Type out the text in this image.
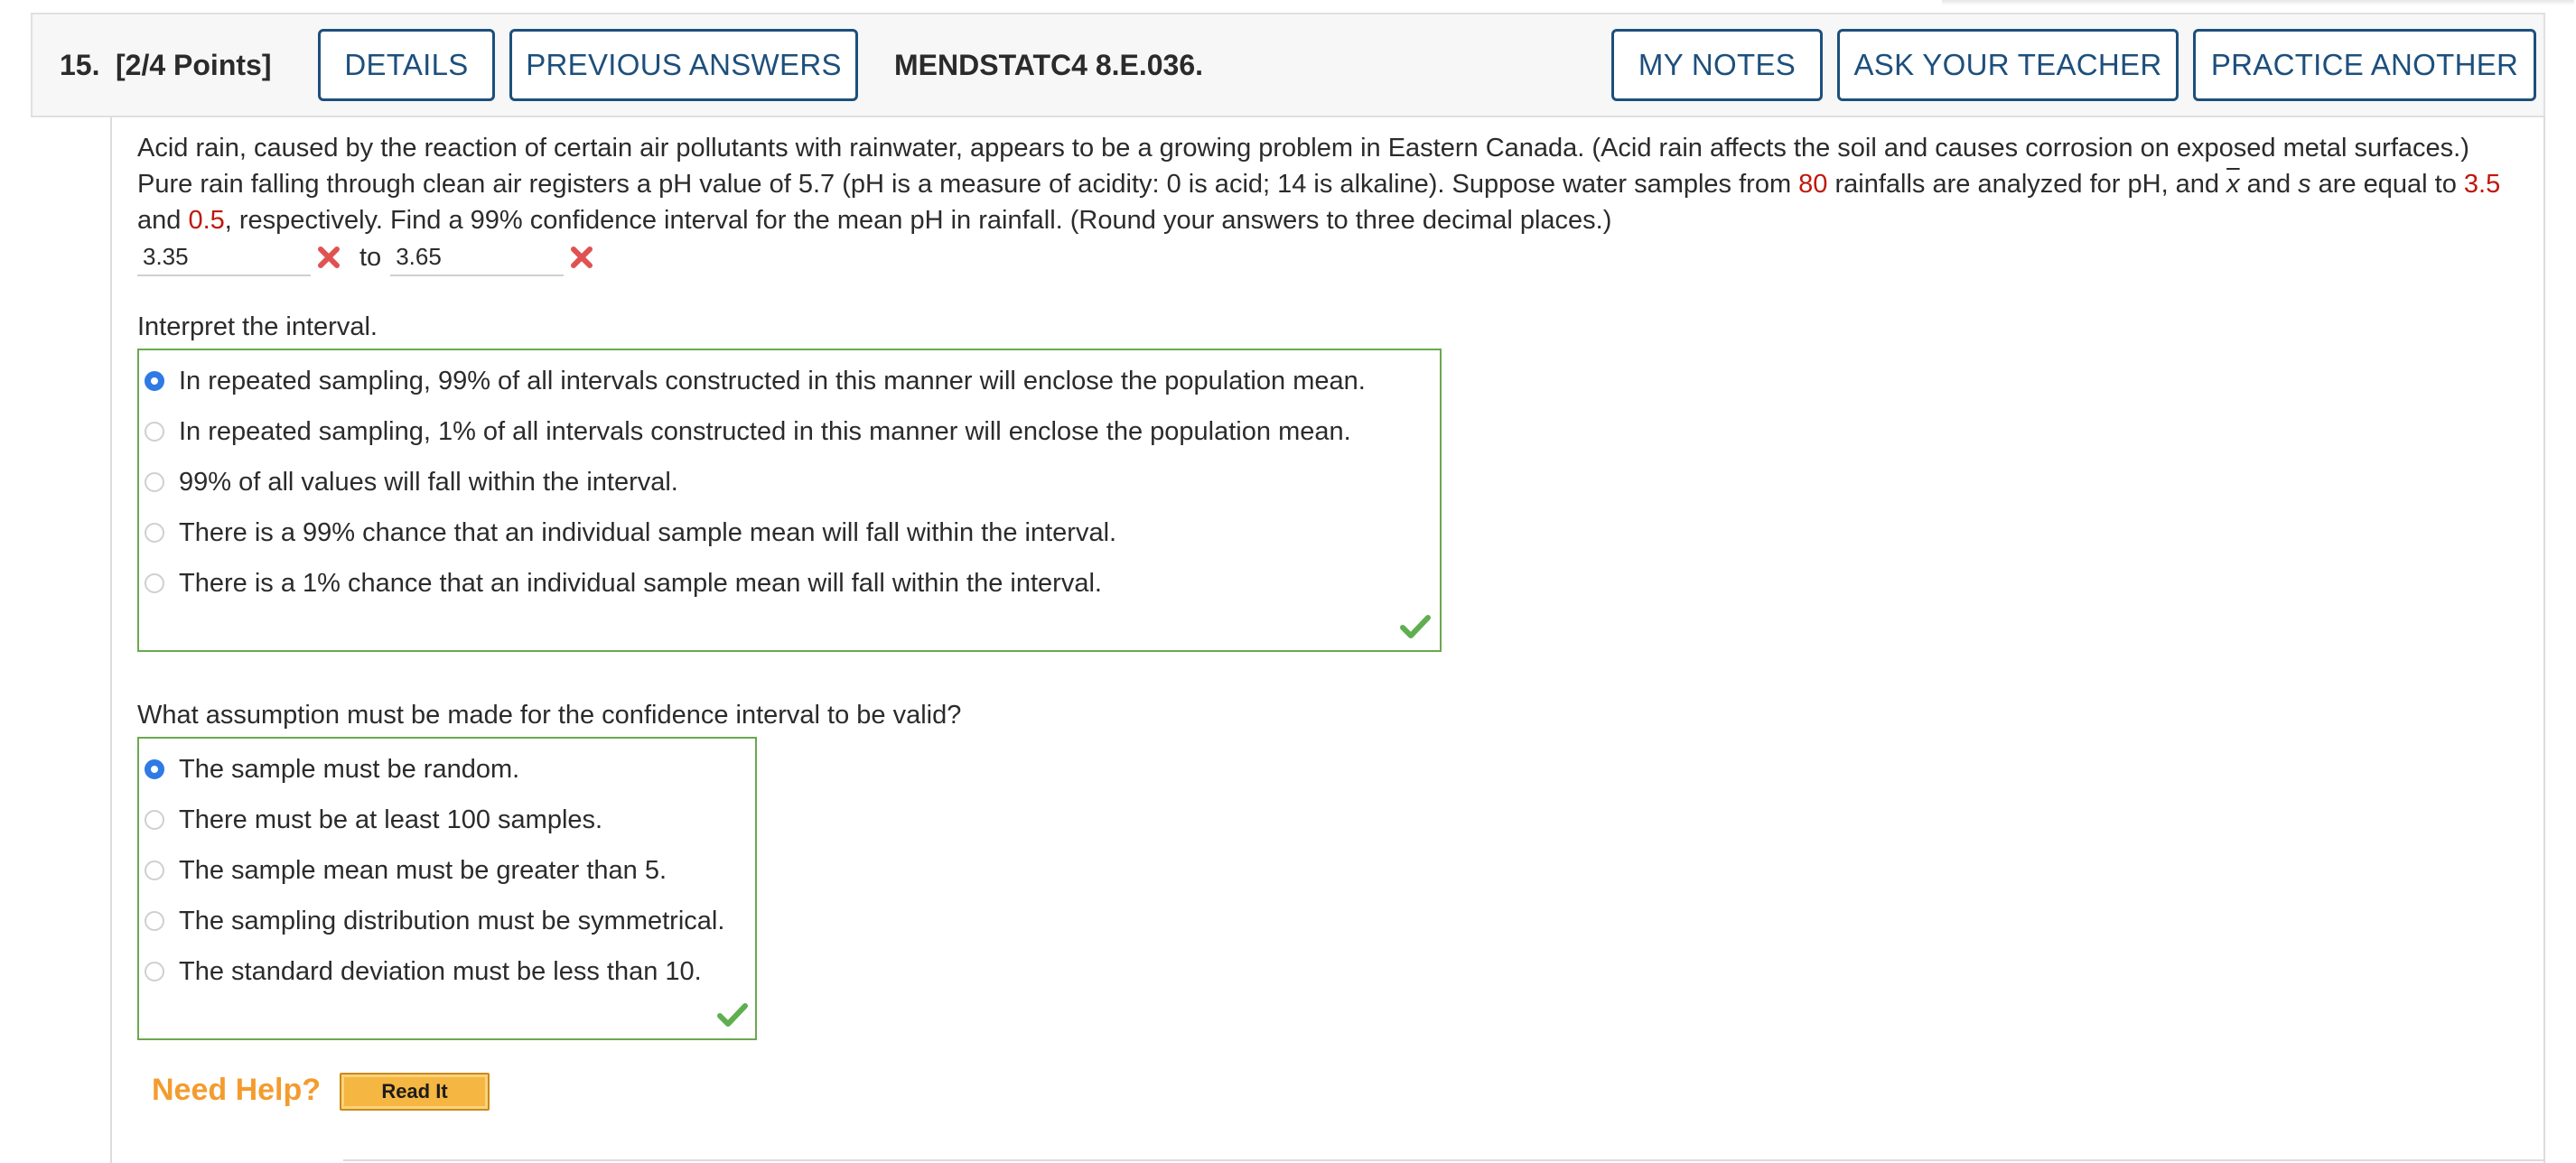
15. [2/4 Points]	DETAILS	PREVIOUS ANSWERS	MENDSTATC4 8.E.036.	MY NOTES	ASK YOUR TEACHER	PRACTICE ANOTHER
Acid rain, caused by the reaction of certain air pollutants with rainwater, appears to be a growing problem in Eastern Canada. (Acid rain affects the soil and causes corrosion on exposed metal surfaces.) Pure rain falling through clean air registers a pH value of 5.7 (pH is a measure of acidity: 0 is acid; 14 is alkaline). Suppose water samples from 80 rainfalls are analyzed for pH, and $\overline{x}$ and s are equal to 3.5 and 0.5, respectively. Find a 99% confidence interval for the mean pH in rainfall. (Round your answers to three decimal places.)
3.35
to
3.65
Interpret the interval.
In repeated sampling, 99% of all intervals constructed in this manner will enclose the population mean.
In repeated sampling, 1% of all intervals constructed in this manner will enclose the population mean.
99% of all values will fall within the interval.
There is a 99% chance that an individual sample mean will fall within the interval.
There is a 1% chance that an individual sample mean will fall within the interval.
What assumption must be made for the confidence interval to be valid?
The sample must be random.
There must be at least 100 samples.
The sample mean must be greater than 5.
The sampling distribution must be symmetrical.
The standard deviation must be less than 10.
Need Help?	Read It
